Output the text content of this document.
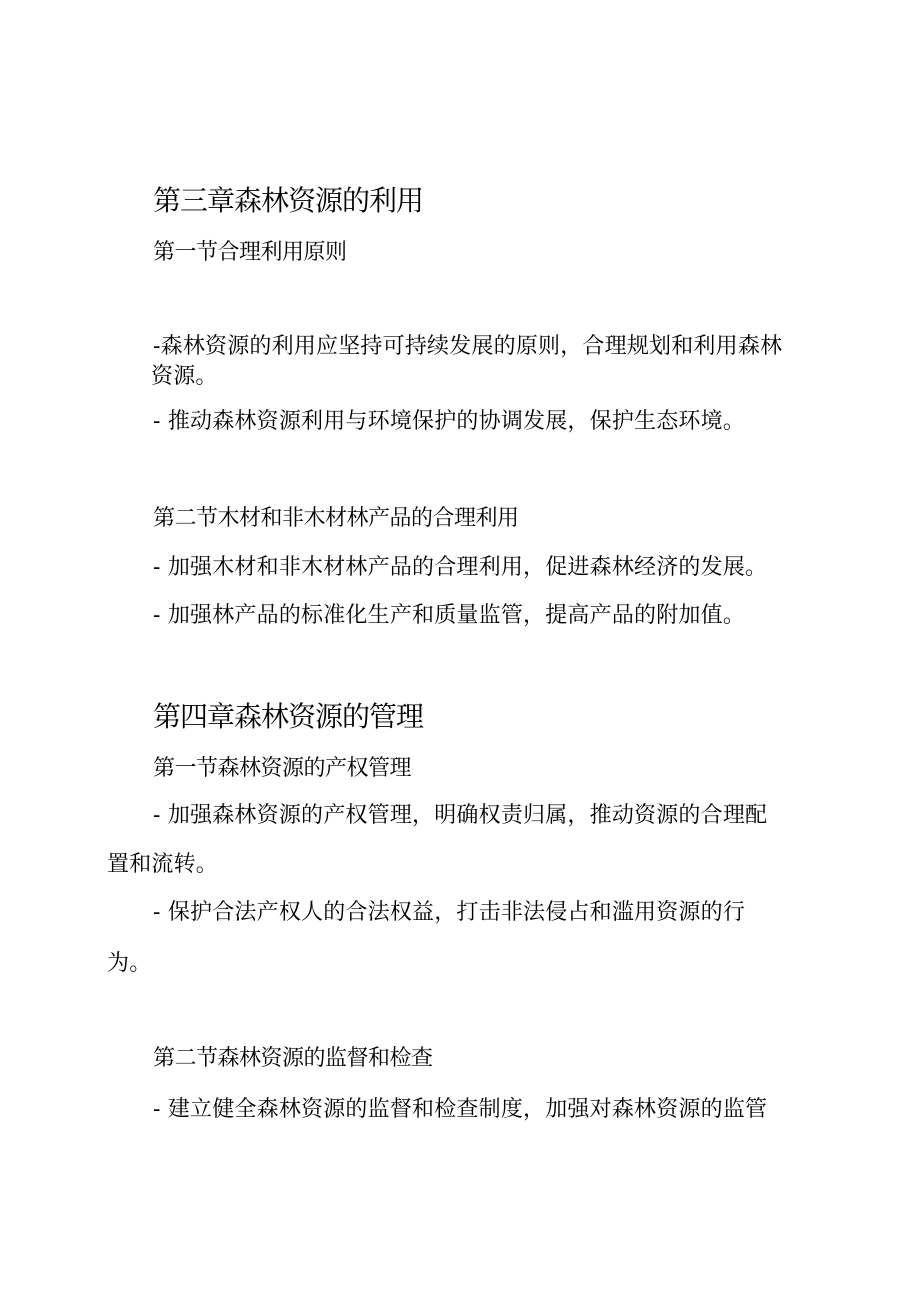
第三章森林资源的利用
第一节合理利用原则

-森林资源的利用应坚持可持续发展的原则，合理规划和利用森林

资源。

- 推动森林资源利用与环境保护的协调发展，保护生态环境。

第二节木材和非木材林产品的合理利用

- 加强木材和非木材林产品的合理利用，促进森林经济的发展。

- 加强林产品的标准化生产和质量监管，提高产品的附加值。

第四章森林资源的管理
第一节森林资源的产权管理

- 加强森林资源的产权管理，明确权责归属，推动资源的合理配

置和流转。

- 保护合法产权人的合法权益，打击非法侵占和滥用资源的行

为。

第二节森林资源的监督和检查

- 建立健全森林资源的监督和检查制度，加强对森林资源的监管
